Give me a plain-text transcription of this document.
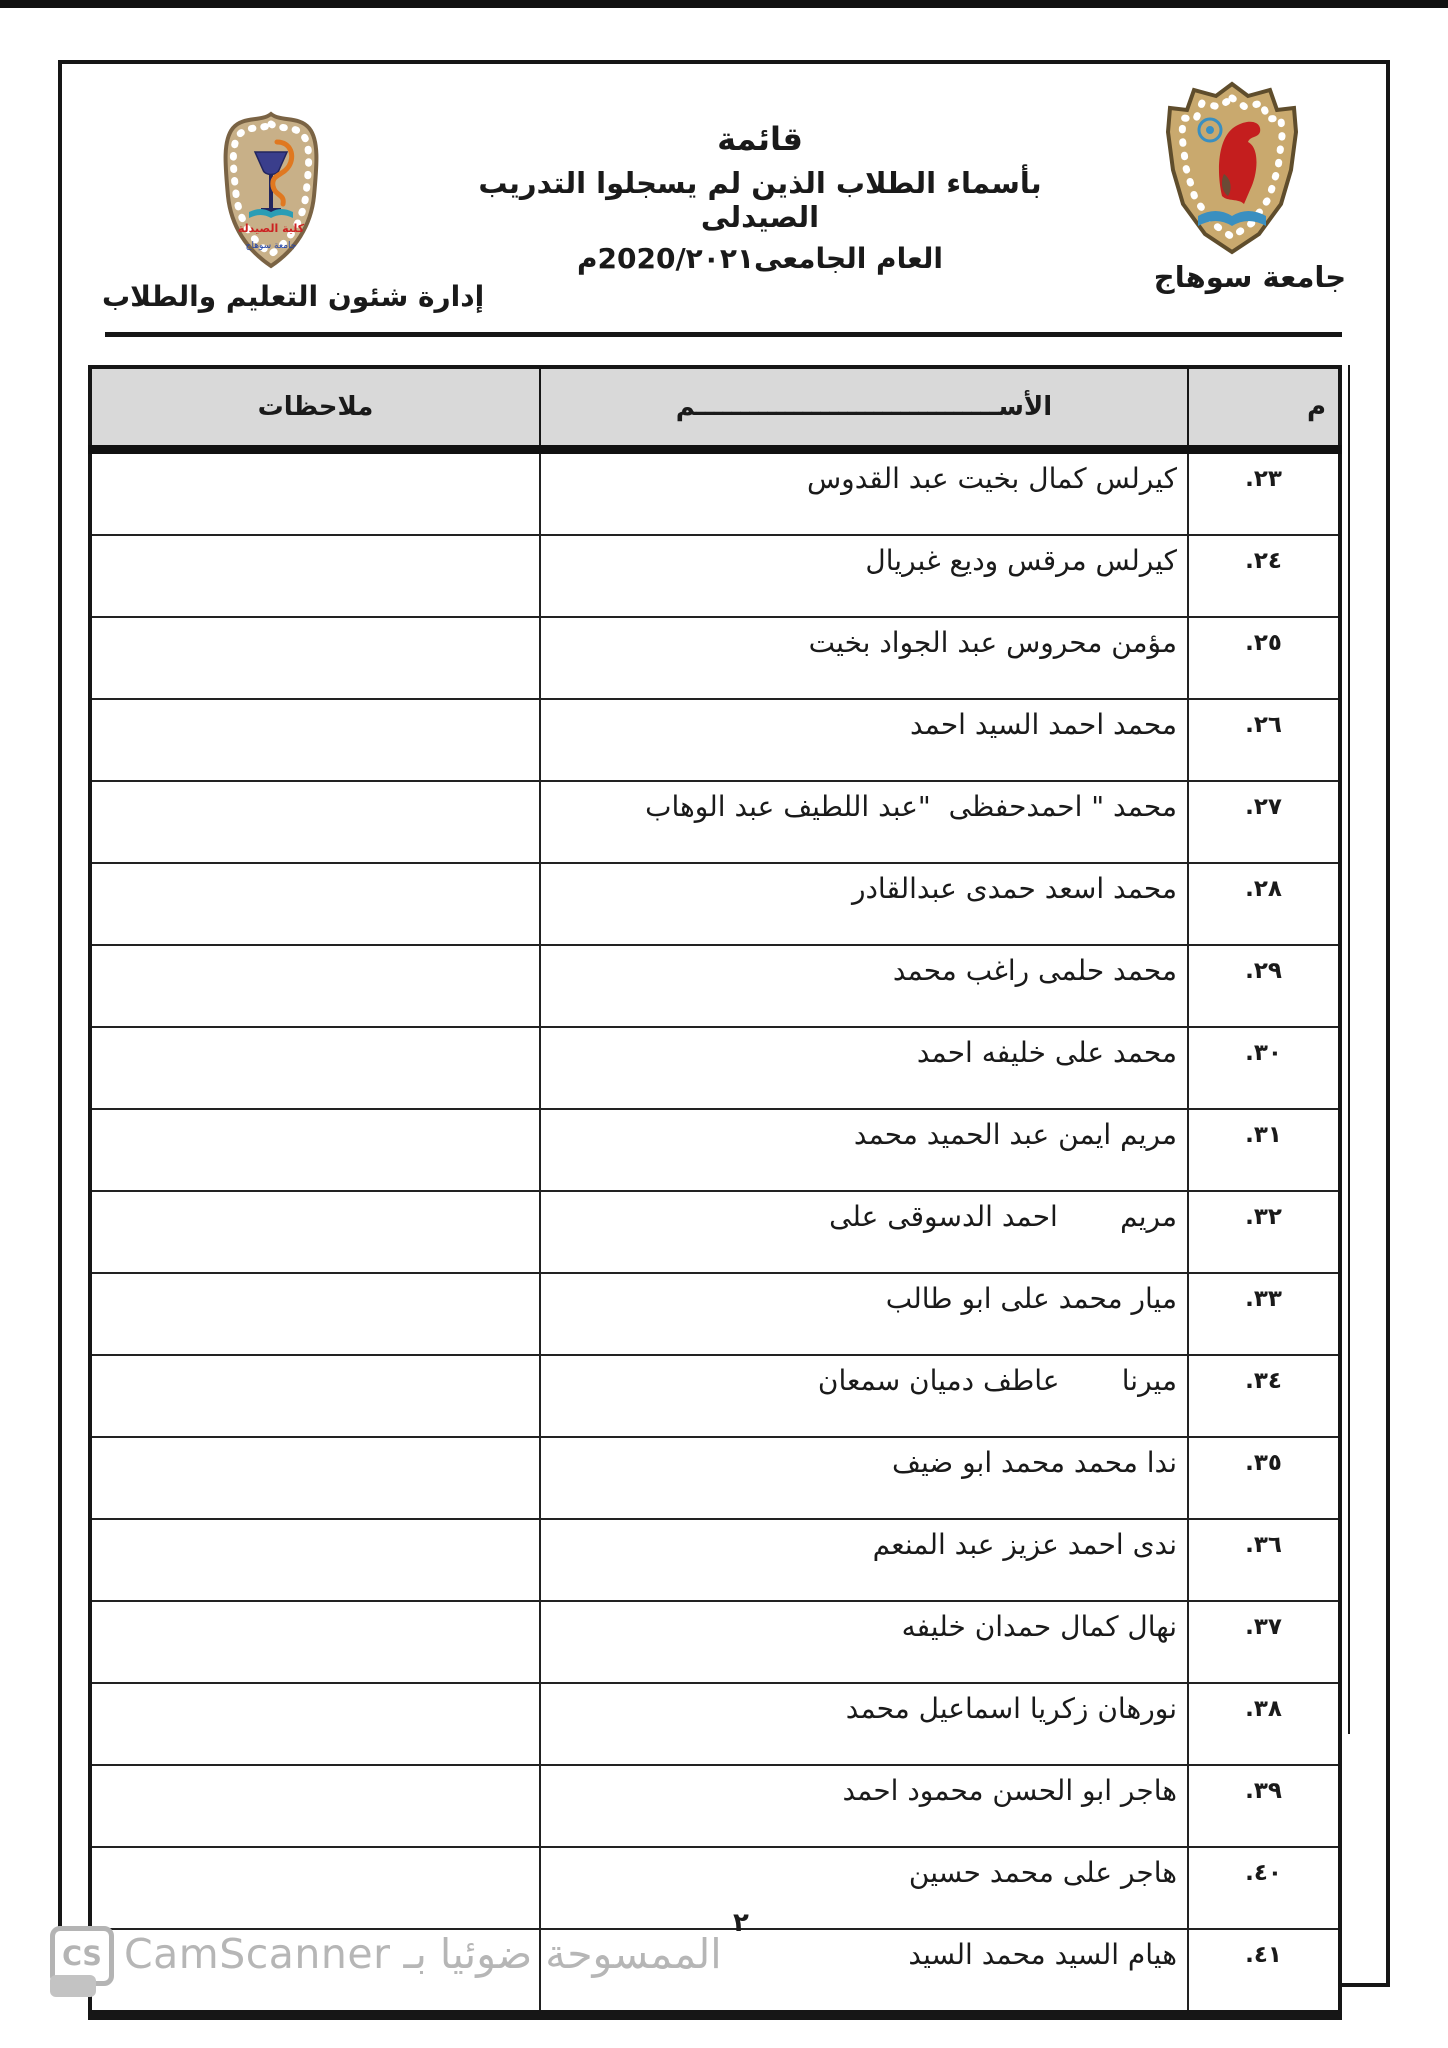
كلية الصيدلة
جامعة سوهاج
قائمة
بأسماء الطلاب الذين لم يسجلوا التدريب الصيدلى
العام الجامعى2020/٢٠٢١م
جامعة سوهاج
إدارة شئون التعليم والطلاب
م	الأســــــــــــــــــــــــــــــــــم	ملاحظات
٢٣.	كيرلس كمال بخيت عبد القدوس	
٢٤.	كيرلس مرقس وديع غبريال	
٢٥.	مؤمن محروس عبد الجواد بخيت	
٢٦.	محمد احمد السيد احمد	
٢٧.	محمد " احمدحفظى  "عبد اللطيف عبد الوهاب	
٢٨.	محمد اسعد حمدى عبدالقادر	
٢٩.	محمد حلمى راغب محمد	
٣٠.	محمد على خليفه احمد	
٣١.	مريم ايمن عبد الحميد محمد	
٣٢.	مريم       احمد الدسوقى على	
٣٣.	ميار محمد على ابو طالب	
٣٤.	ميرنا       عاطف دميان سمعان	
٣٥.	ندا محمد محمد ابو ضيف	
٣٦.	ندى احمد عزيز عبد المنعم	
٣٧.	نهال كمال حمدان خليفه	
٣٨.	نورهان زكريا اسماعيل محمد	
٣٩.	هاجر ابو الحسن محمود احمد	
٤٠.	هاجر على محمد حسين	
٤١.	هيام السيد محمد السيد	
٢
CS الممسوحة ضوئيا بـ CamScanner
